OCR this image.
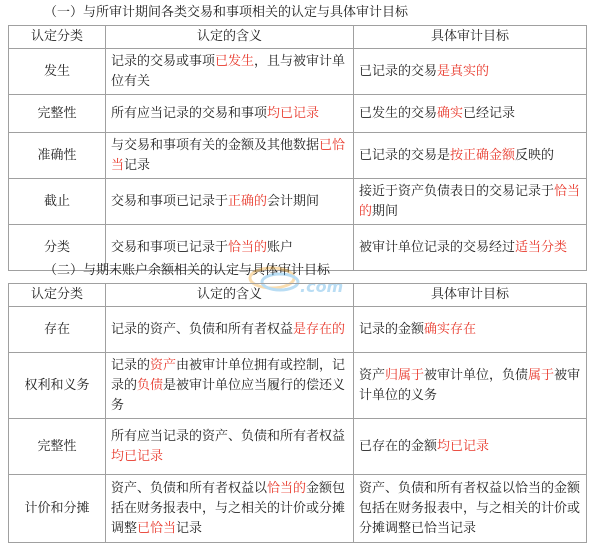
（一）与所审计期间各类交易和事项相关的认定与具体审计目标
认定分类	认定的含义	具体审计目标
发生	记录的交易或事项已发生，且与被审计单位有关	已记录的交易是真实的
完整性	所有应当记录的交易和事项均已记录	已发生的交易确实已经记录
准确性	与交易和事项有关的金额及其他数据已恰当记录	已记录的交易是按正确金额反映的
截止	交易和事项已记录于正确的会计期间	接近于资产负债表日的交易记录于恰当的期间
分类	交易和事项已记录于恰当的账户	被审计单位记录的交易经过适当分类
（二）与期末账户余额相关的认定与具体审计目标
.com
认定分类	认定的含义	具体审计目标
存在	记录的资产、负债和所有者权益是存在的	记录的金额确实存在
权利和义务	记录的资产由被审计单位拥有或控制，记录的负债是被审计单位应当履行的偿还义务	资产归属于被审计单位，负债属于被审计单位的义务
完整性	所有应当记录的资产、负债和所有者权益均已记录	已存在的金额均已记录
计价和分摊	资产、负债和所有者权益以恰当的金额包括在财务报表中，与之相关的计价或分摊调整已恰当记录	资产、负债和所有者权益以恰当的金额包括在财务报表中，与之相关的计价或分摊调整已恰当记录
